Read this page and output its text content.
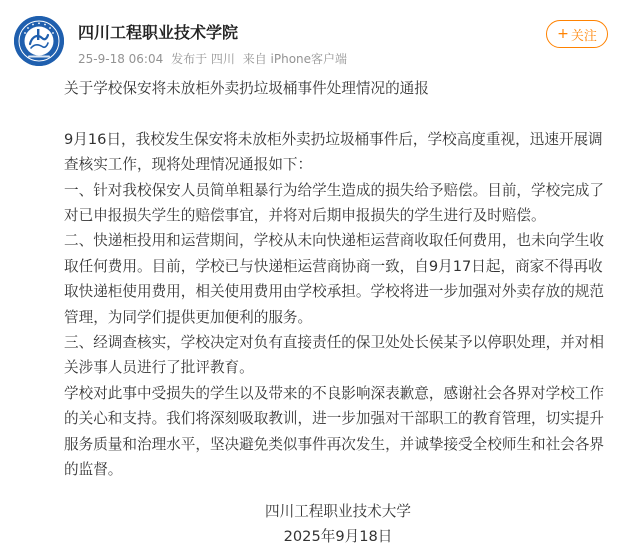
四川工程职业技术学院
25-9-18 06:04 发布于 四川 来自 iPhone客户端
+ 关注

关于学校保安将未放柜外卖扔垃圾桶事件处理情况的通报

9月16日，我校发生保安将未放柜外卖扔垃圾桶事件后，学校高度重视，迅速开展调查核实工作，现将处理情况通报如下：

一、针对我校保安人员简单粗暴行为给学生造成的损失给予赔偿。目前，学校完成了对已申报损失学生的赔偿事宜，并将对后期申报损失的学生进行及时赔偿。

二、快递柜投用和运营期间，学校从未向快递柜运营商收取任何费用，也未向学生收取任何费用。目前，学校已与快递柜运营商协商一致，自9月17日起，商家不得再收取快递柜使用费用，相关使用费用由学校承担。学校将进一步加强对外卖存放的规范管理，为同学们提供更加便利的服务。

三、经调查核实，学校决定对负有直接责任的保卫处处长侯某予以停职处理，并对相关涉事人员进行了批评教育。

学校对此事中受损失的学生以及带来的不良影响深表歉意，感谢社会各界对学校工作的关心和支持。我们将深刻吸取教训，进一步加强对干部职工的教育管理，切实提升服务质量和治理水平，坚决避免类似事件再次发生，并诚挚接受全校师生和社会各界的监督。

四川工程职业技术大学

2025年9月18日
